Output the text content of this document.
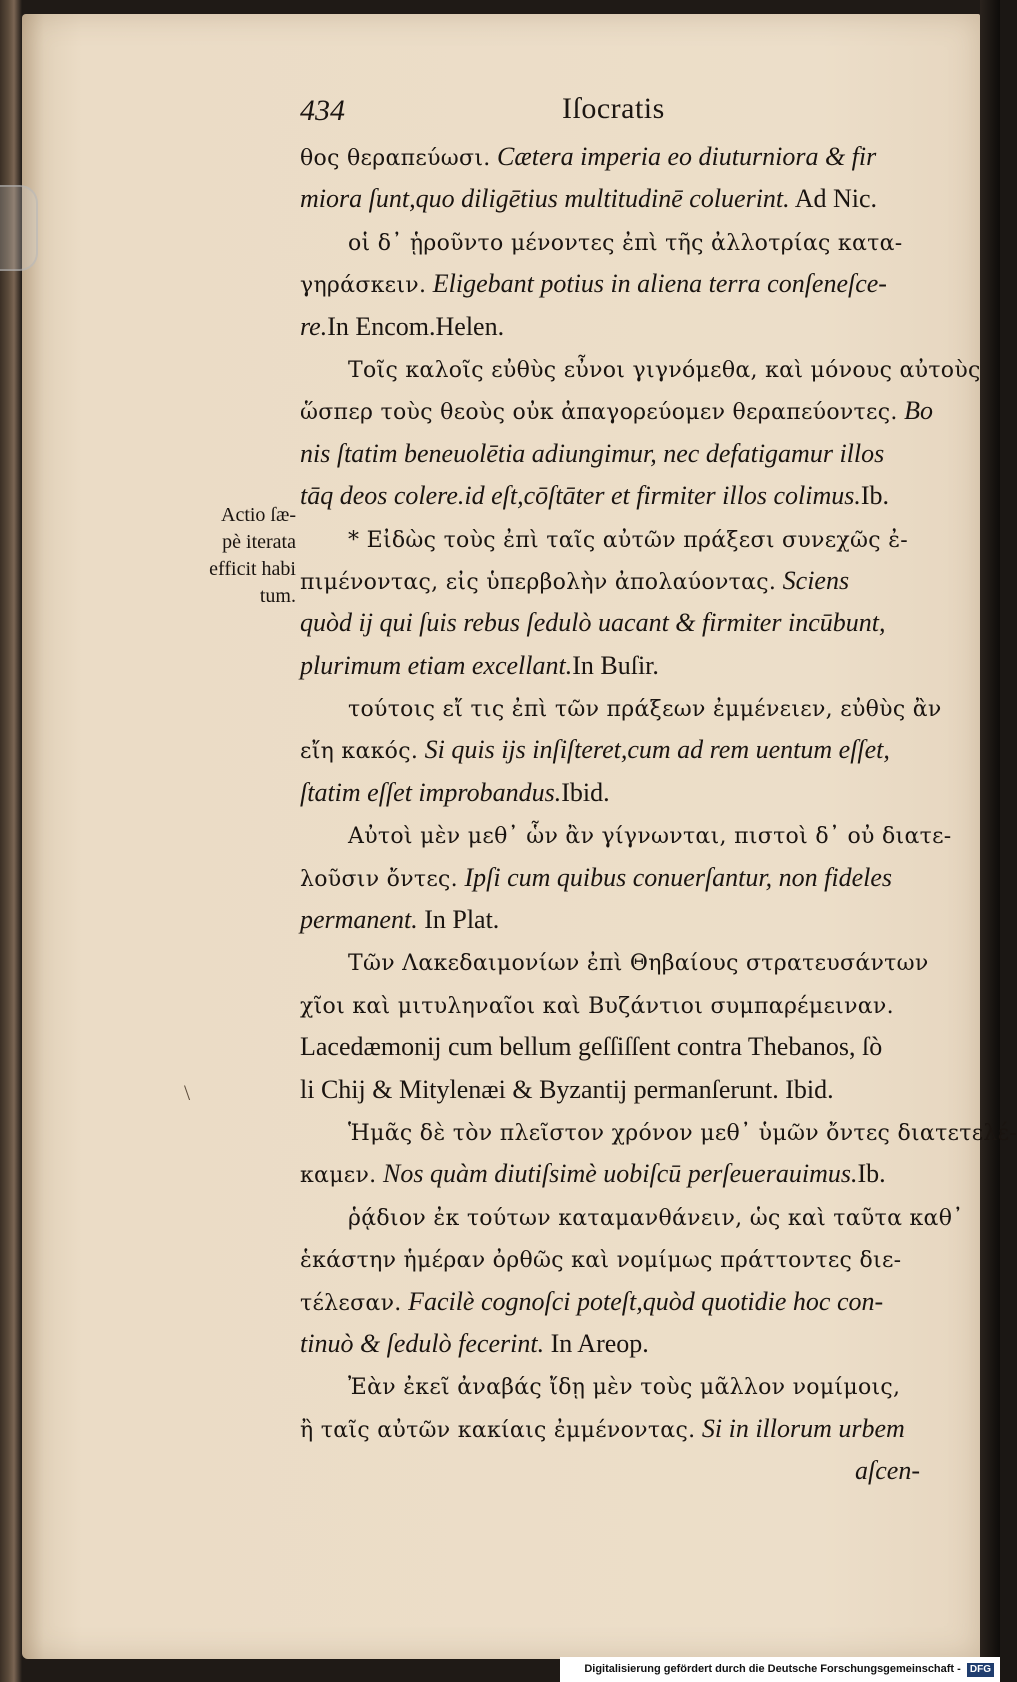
434	Iſocratis
Actio ſæ-
pè iterata
efficit habi
tum.
θος θεραπεύωσι. Cætera imperia eo diuturniora & fir
miora ſunt,quo diligētius multitudinē coluerint. Ad Nic.
οἱ δ᾽ ᾑροῦντο μένοντες ἐπὶ τῆς ἀλλοτρίας κατα-
γηράσκειν. Eligebant potius in aliena terra conſeneſce-
re.In Encom.Helen.
Τοῖς καλοῖς εὐθὺς εὖνοι γιγνόμεθα, καὶ μόνους αὐτοὺς
ὥσπερ τοὺς θεοὺς οὐκ ἀπαγορεύομεν θεραπεύοντες. Bo
nis ſtatim beneuolētia adiungimur, nec defatigamur illos
tāq deos colere.id eſt,cōſtāter et firmiter illos colimus.Ib.
* Εἰδὼς τοὺς ἐπὶ ταῖς αὐτῶν πράξεσι συνεχῶς ἐ-
πιμένοντας, εἰς ὑπερβολὴν ἀπολαύοντας. Sciens
quòd ij qui ſuis rebus ſedulò uacant & firmiter incūbunt,
plurimum etiam excellant.In Buſir.
τούτοις εἴ τις ἐπὶ τῶν πράξεων ἐμμένειεν, εὐθὺς ἂν
εἴη κακός. Si quis ijs inſiſteret,cum ad rem uentum eſſet,
ſtatim eſſet improbandus.Ibid.
Αὐτοὶ μὲν μεθ᾽ ὧν ἂν γίγνωνται, πιστοὶ δ᾽ οὐ διατε-
λοῦσιν ὄντες. Ipſi cum quibus conuerſantur, non fideles
permanent. In Plat.
Τῶν Λακεδαιμονίων ἐπὶ Θηβαίους στρατευσάντων
χῖοι καὶ μιτυληναῖοι καὶ Βυζάντιοι συμπαρέμειναν.
Lacedæmonij cum bellum geſſiſſent contra Thebanos, ſò
li Chij & Mitylenæi & Byzantij permanſerunt. Ibid.
Ἡμᾶς δὲ τὸν πλεῖστον χρόνον μεθ᾽ ὑμῶν ὄντες διατετελέ-
καμεν. Nos quàm diutiſsimè uobiſcū perſeuerauimus.Ib.
ῥᾴδιον ἐκ τούτων καταμανθάνειν, ὡς καὶ ταῦτα καθ᾽
ἑκάστην ἡμέραν ὀρθῶς καὶ νομίμως πράττοντες διε-
τέλεσαν. Facilè cognoſci poteſt,quòd quotidie hoc con-
tinuò & ſedulò fecerint. In Areop.
Ἐὰν ἐκεῖ ἀναβάς ἴδῃ μὲν τοὺς μᾶλλον νομίμοις,
ἢ ταῖς αὐτῶν κακίαις ἐμμένοντας. Si in illorum urbem
aſcen-
\
Digitalisierung gefördert durch die Deutsche Forschungsgemeinschaft - DFG
